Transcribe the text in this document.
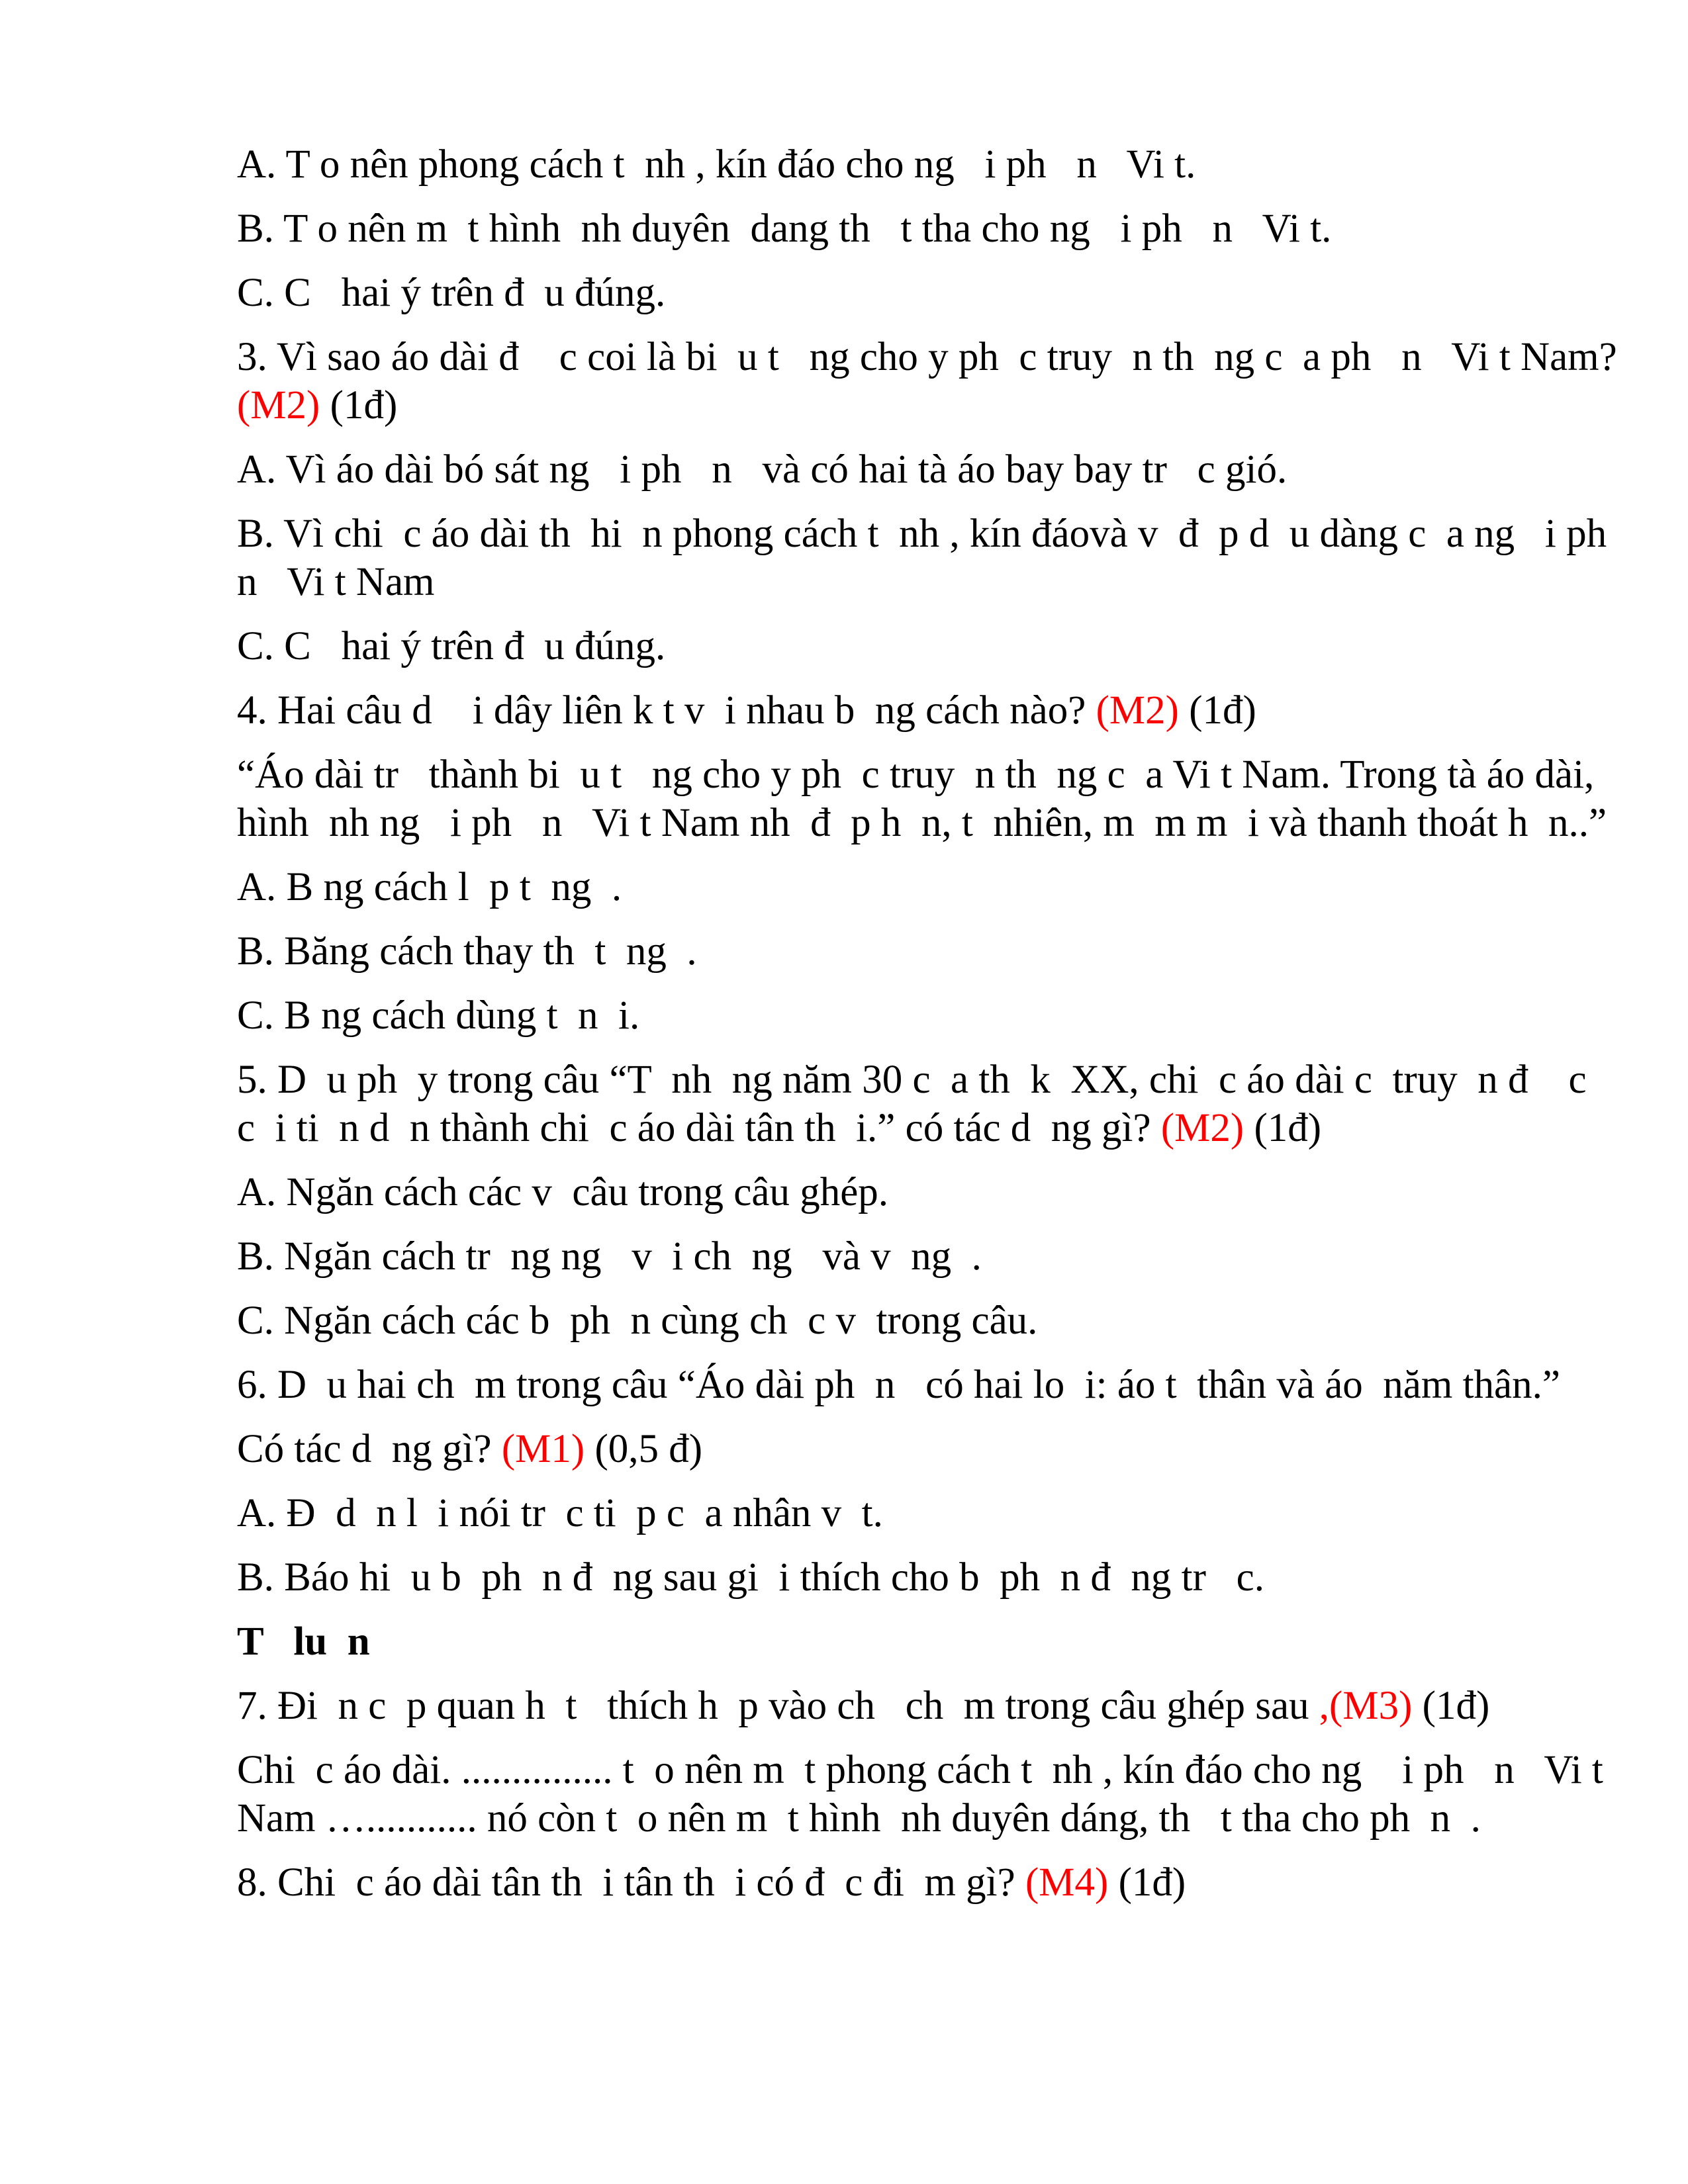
A. T o nên phong cách t  nh , kín đáo cho ng   i ph   n   Vi t.

B. T o nên m  t hình  nh duyên  dang th   t tha cho ng   i ph   n   Vi t.

C. C   hai ý trên đ  u đúng.

3. Vì sao áo dài đ    c coi là bi  u t   ng cho y ph  c truy  n th  ng c  a ph   n   Vi t Nam?
(M2) (1đ)

A. Vì áo dài bó sát ng   i ph   n   và có hai tà áo bay bay tr   c gió.

B. Vì chi  c áo dài th  hi  n phong cách t  nh , kín đáovà v  đ  p d  u dàng c  a ng   i ph
n   Vi t Nam

C. C   hai ý trên đ  u đúng.

4. Hai câu d    i dây liên k t v  i nhau b  ng cách nào? (M2) (1đ)

“Áo dài tr   thành bi  u t   ng cho y ph  c truy  n th  ng c  a Vi t Nam. Trong tà áo dài,
hình  nh ng   i ph   n   Vi t Nam nh  đ  p h  n, t  nhiên, m  m m  i và thanh thoát h  n..”

A. B ng cách l  p t  ng  .

B. Băng cách thay th  t  ng  .

C. B ng cách dùng t  n  i.

5. D  u ph  y trong câu “T  nh  ng năm 30 c  a th  k  XX, chi  c áo dài c  truy  n đ    c
c  i ti  n d  n thành chi  c áo dài tân th  i.” có tác d  ng gì? (M2) (1đ)

A. Ngăn cách các v  câu trong câu ghép.

B. Ngăn cách tr  ng ng   v  i ch  ng   và v  ng  .

C. Ngăn cách các b  ph  n cùng ch  c v  trong câu.

6. D  u hai ch  m trong câu “Áo dài ph  n   có hai lo  i: áo t  thân và áo  năm thân.”

Có tác d  ng gì? (M1) (0,5 đ)

A. Đ  d  n l  i nói tr  c ti  p c  a nhân v  t.

B. Báo hi  u b  ph  n đ  ng sau gi  i thích cho b  ph  n đ  ng tr   c.

T   lu  n

7. Đi  n c  p quan h  t   thích h  p vào ch   ch  m trong câu ghép sau ,(M3) (1đ)

Chi  c áo dài. ............... t  o nên m  t phong cách t  nh , kín đáo cho ng    i ph   n   Vi t
Nam …........... nó còn t  o nên m  t hình  nh duyên dáng, th   t tha cho ph  n  .

8. Chi  c áo dài tân th  i tân th  i có đ  c đi  m gì? (M4) (1đ)
